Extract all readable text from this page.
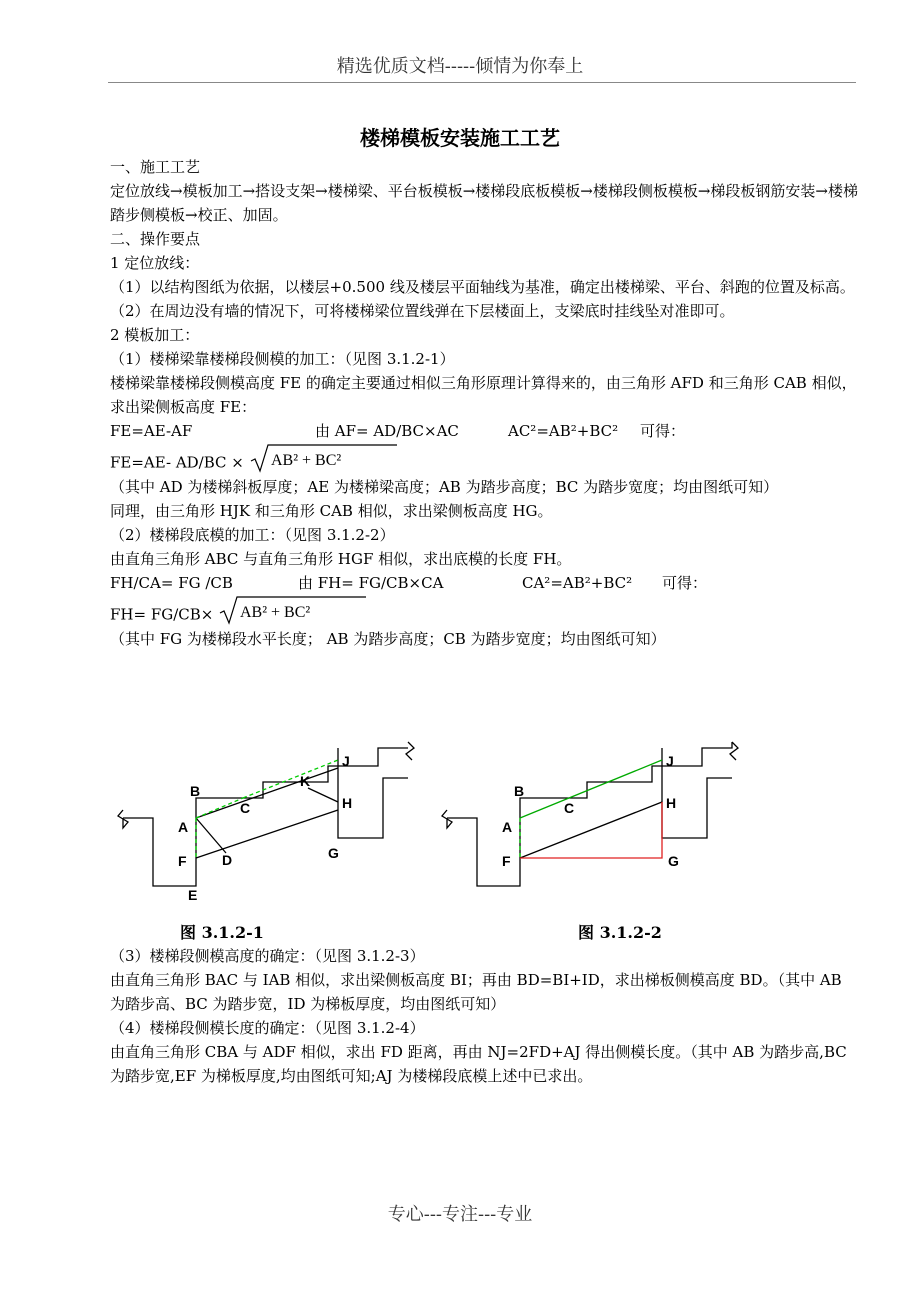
精选优质文档-----倾情为你奉上
楼梯模板安装施工工艺

一、施工工艺

定位放线→模板加工→搭设支架→楼梯梁、平台板模板→楼梯段底板模板→楼梯段侧板模板→梯段板钢筋安装→楼梯踏步侧模板→校正、加固。

二、操作要点

1 定位放线：

（1）以结构图纸为依据，以楼层+0.500 线及楼层平面轴线为基准，确定出楼梯梁、平台、斜跑的位置及标高。

（2）在周边没有墙的情况下，可将楼梯梁位置线弹在下层楼面上，支梁底时挂线坠对准即可。

2 模板加工：

（1）楼梯梁靠楼梯段侧模的加工：（见图 3.1.2-1）

楼梯梁靠楼梯段侧模高度 FE 的确定主要通过相似三角形原理计算得来的，由三角形 AFD 和三角形 CAB 相似，求出梁侧板高度 FE：

FE=AE-AF	由 AF= AD/BC×AC	AC²=AB²+BC² 可得：

FE=AE- AD/BC × AB² + BC²

（其中 AD 为楼梯斜板厚度；AE 为楼梯梁高度；AB 为踏步高度；BC 为踏步宽度；均由图纸可知）

同理，由三角形 HJK 和三角形 CAB 相似，求出梁侧板高度 HG。

（2）楼梯段底模的加工：（见图 3.1.2-2）

由直角三角形 ABC 与直角三角形 HGF 相似，求出底模的长度 FH。

FH/CA= FG /CB	由 FH= FG/CB×CA	CA²=AB²+BC² 可得：

FH= FG/CB× AB² + BC²

（其中 FG 为楼梯段水平长度； AB 为踏步高度；CB 为踏步宽度；均由图纸可知）

B
A
C
K
J
H
G
F	D
E
B
A
C
J
H
G
F
图 3.1.2-1	图 3.1.2-2

（3）楼梯段侧模高度的确定：（见图 3.1.2-3）

由直角三角形 BAC 与 IAB 相似，求出梁侧板高度 BI；再由 BD=BI+ID，求出梯板侧模高度 BD。（其中 AB 为踏步高、BC 为踏步宽，ID 为梯板厚度，均由图纸可知）

（4）楼梯段侧模长度的确定：（见图 3.1.2-4）

由直角三角形 CBA 与 ADF 相似，求出 FD 距离，再由 NJ=2FD+AJ 得出侧模长度。（其中 AB 为踏步高,BC 为踏步宽,EF 为梯板厚度,均由图纸可知;AJ 为楼梯段底模上述中已求出。

专心---专注---专业
